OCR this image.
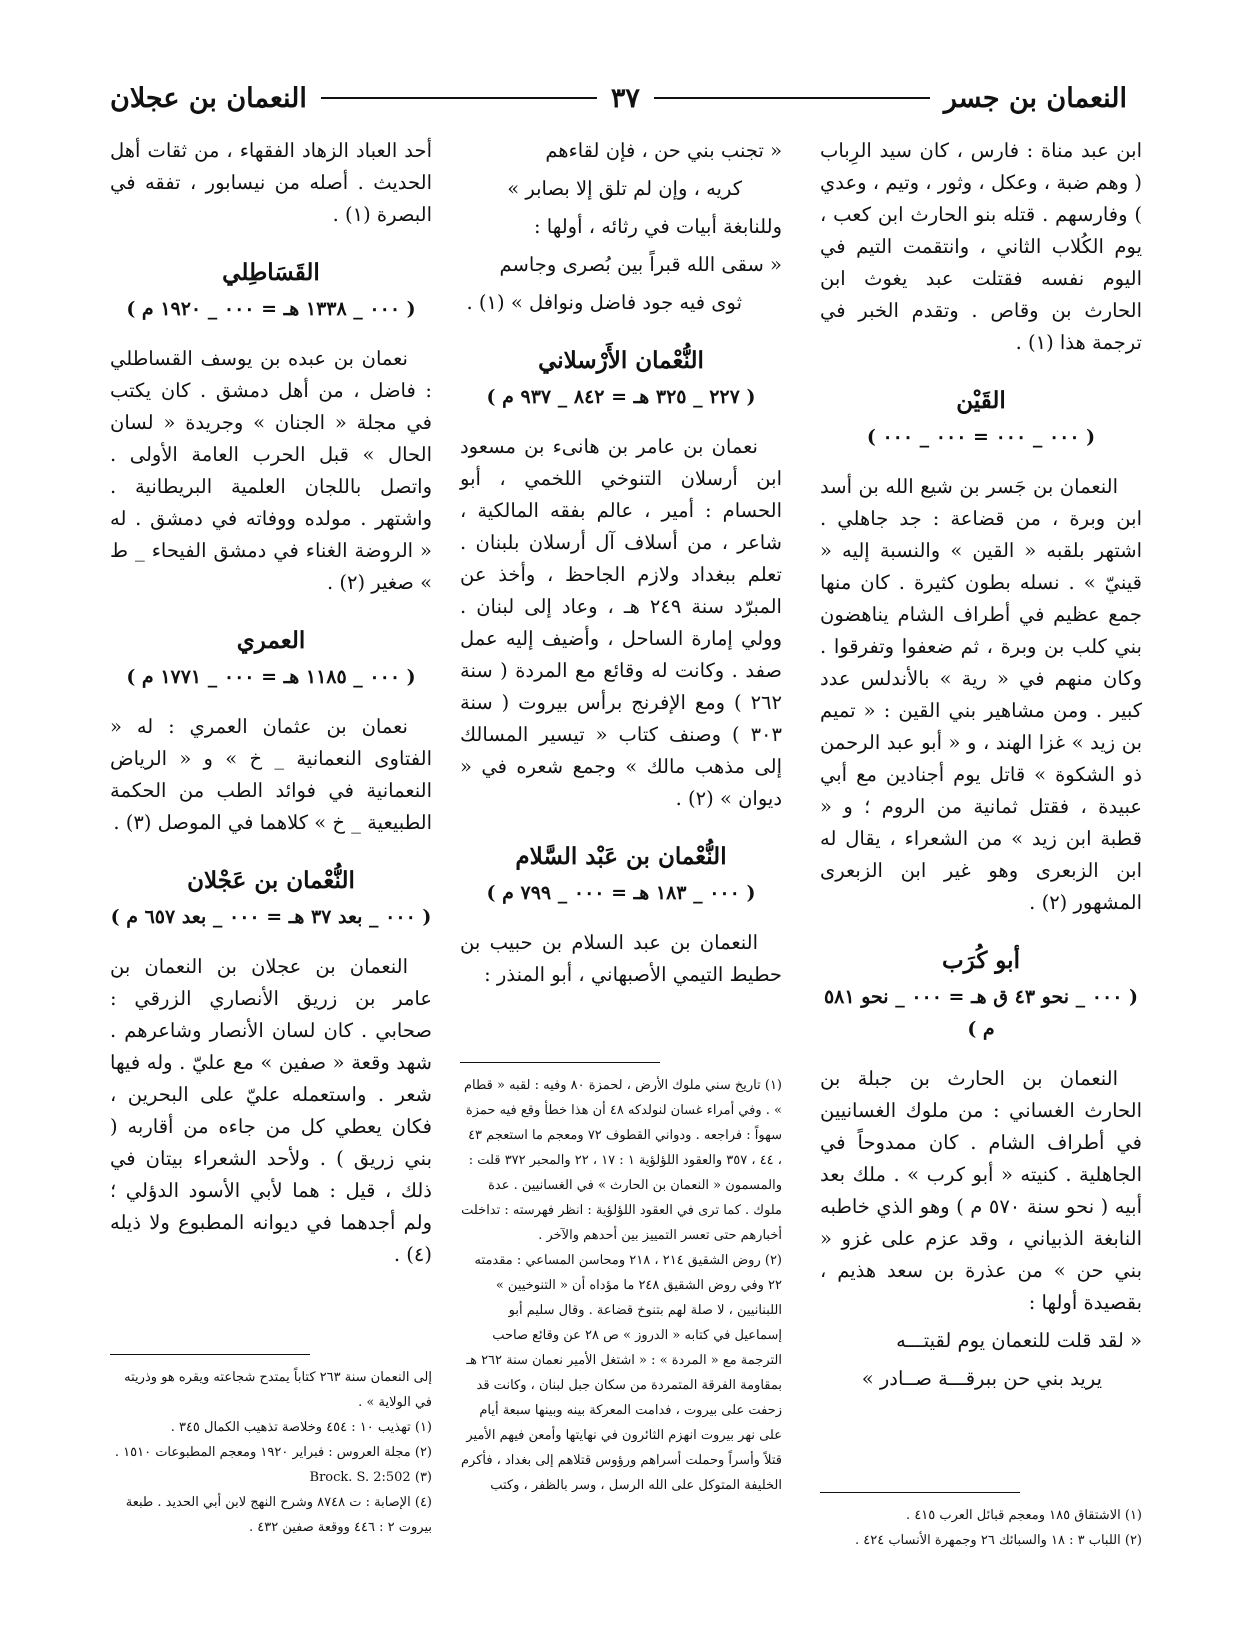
النعمان بن جسر
٣٧
النعمان بن عجلان

ابن عبد مناة : فارس ، كان سيد الرِباب ( وهم ضبة ، وعكل ، وثور ، وتيم ، وعدي ) وفارسهم . قتله بنو الحارث ابن كعب ، يوم الكُلاب الثاني ، وانتقمت التيم في اليوم نفسه فقتلت عبد يغوث ابن الحارث بن وقاص . وتقدم الخبر في ترجمة هذا (١) .

القَيْن
( ٠٠٠ _ ٠٠٠ = ٠٠٠ _ ٠٠٠ )

النعمان بن جَسر بن شيع الله بن أسد ابن وبرة ، من قضاعة : جد جاهلي . اشتهر بلقبه « القين » والنسبة إليه « قينيّ » . نسله بطون كثيرة . كان منها جمع عظيم في أطراف الشام يناهضون بني كلب بن وبرة ، ثم ضعفوا وتفرقوا . وكان منهم في « رية » بالأندلس عدد كبير . ومن مشاهير بني القين : « تميم بن زيد » غزا الهند ، و « أبو عبد الرحمن ذو الشكوة » قاتل يوم أجنادين مع أبي عبيدة ، فقتل ثمانية من الروم ؛ و « قطبة ابن زيد » من الشعراء ، يقال له ابن الزبعرى وهو غير ابن الزبعرى المشهور (٢) .

أبو كُرَب
( ٠٠٠ _ نحو ٤٣ ق هـ = ٠٠٠ _ نحو ٥٨١ م )

النعمان بن الحارث بن جبلة بن الحارث الغساني : من ملوك الغسانيين في أطراف الشام . كان ممدوحاً في الجاهلية . كنيته « أبو كرب » . ملك بعد أبيه ( نحو سنة ٥٧٠ م ) وهو الذي خاطبه النابغة الذبياني ، وقد عزم على غزو « بني حن » من عذرة بن سعد هذيم ، بقصيدة أولها :

« لقد قلت للنعمان يوم لقيتـــه

يريد بني حن ببرقـــة صــادر »

(١) الاشتقاق ١٨٥ ومعجم قبائل العرب ٤١٥ .

(٢) اللباب ٣ : ١٨ والسبائك ٢٦ وجمهرة الأنساب ٤٢٤ .

« تجنب بني حن ، فإن لقاءهم

كريه ، وإن لم تلق إلا بصابر »

وللنابغة أبيات في رثائه ، أولها :

« سقى الله قبراً بين بُصرى وجاسم

ثوى فيه جود فاضل ونوافل » (١) .

النُّعْمان الأَرْسلاني
( ٢٢٧ _ ٣٢٥ هـ = ٨٤٢ _ ٩٣٧ م )

نعمان بن عامر بن هانىء بن مسعود ابن أرسلان التنوخي اللخمي ، أبو الحسام : أمير ، عالم بفقه المالكية ، شاعر ، من أسلاف آل أرسلان بلبنان . تعلم ببغداد ولازم الجاحظ ، وأخذ عن المبرّد سنة ٢٤٩ هـ ، وعاد إلى لبنان . وولي إمارة الساحل ، وأضيف إليه عمل صفد . وكانت له وقائع مع المردة ( سنة ٢٦٢ ) ومع الإفرنج برأس بيروت ( سنة ٣٠٣ ) وصنف كتاب « تيسير المسالك إلى مذهب مالك » وجمع شعره في « ديوان » (٢) .

النُّعْمان بن عَبْد السَّلام
( ٠٠٠ _ ١٨٣ هـ = ٠٠٠ _ ٧٩٩ م )

النعمان بن عبد السلام بن حبيب بن حطيط التيمي الأصبهاني ، أبو المنذر :

(١) تاريخ سني ملوك الأرض ، لحمزة ٨٠ وفيه : لقبه « قطام » . وفي أمراء غسان لنولدكه ٤٨ أن هذا خطأ وقع فيه حمزة سهواً : فراجعه . ودواني القطوف ٧٢ ومعجم ما استعجم ٤٣ ، ٤٤ ، ٣٥٧ والعقود اللؤلؤية ١ : ١٧ ، ٢٢ والمحبر ٣٧٢ قلت : والمسمون « النعمان بن الحارث » في الغسانيين . عدة ملوك . كما ترى في العقود اللؤلؤية : انظر فهرسته : تداخلت أخبارهم حتى تعسر التمييز بين أحدهم والآخر .

(٢) روض الشقيق ٢١٤ ، ٢١٨ ومحاسن المساعي : مقدمته ٢٢ وفي روض الشقيق ٢٤٨ ما مؤداه أن « التنوخيين » اللبنانيين ، لا صلة لهم بتنوخ قضاعة . وقال سليم أبو إسماعيل في كتابه « الدروز » ص ٢٨ عن وقائع صاحب الترجمة مع « المردة » : « اشتغل الأمير نعمان سنة ٢٦٢ هـ بمقاومة الفرقة المتمردة من سكان جبل لبنان ، وكانت قد زحفت على بيروت ، فدامت المعركة بينه وبينها سبعة أيام على نهر بيروت انهزم الثائرون في نهايتها وأمعن فيهم الأمير قتلاً وأسراً وحملت أسراهم ورؤوس قتلاهم إلى بغداد ، فأكرم الخليفة المتوكل على الله الرسل ، وسر بالظفر ، وكتب

أحد العباد الزهاد الفقهاء ، من ثقات أهل الحديث . أصله من نيسابور ، تفقه في البصرة (١) .

القَسَاطِلي
( ٠٠٠ _ ١٣٣٨ هـ = ٠٠٠ _ ١٩٢٠ م )

نعمان بن عبده بن يوسف القساطلي : فاضل ، من أهل دمشق . كان يكتب في مجلة « الجنان » وجريدة « لسان الحال » قبل الحرب العامة الأولى . واتصل باللجان العلمية البريطانية . واشتهر . مولده ووفاته في دمشق . له « الروضة الغناء في دمشق الفيحاء _ ط » صغير (٢) .

العمري
( ٠٠٠ _ ١١٨٥ هـ = ٠٠٠ _ ١٧٧١ م )

نعمان بن عثمان العمري : له « الفتاوى النعمانية _ خ » و « الرياض النعمانية في فوائد الطب من الحكمة الطبيعية _ خ » كلاهما في الموصل (٣) .

النُّعْمان بن عَجْلان
( ٠٠٠ _ بعد ٣٧ هـ = ٠٠٠ _ بعد ٦٥٧ م )

النعمان بن عجلان بن النعمان بن عامر بن زريق الأنصاري الزرقي : صحابي . كان لسان الأنصار وشاعرهم . شهد وقعة « صفين » مع عليّ . وله فيها شعر . واستعمله عليّ على البحرين ، فكان يعطي كل من جاءه من أقاربه ( بني زريق ) . ولأحد الشعراء بيتان في ذلك ، قيل : هما لأبي الأسود الدؤلي ؛ ولم أجدهما في ديوانه المطبوع ولا ذيله (٤) .

إلى النعمان سنة ٢٦٣ كتاباً يمتدح شجاعته ويقره هو وذريته في الولاية » .

(١) تهذيب ١٠ : ٤٥٤ وخلاصة تذهيب الكمال ٣٤٥ .

(٢) مجلة العروس : فبراير ١٩٢٠ ومعجم المطبوعات ١٥١٠ .

(٣) Brock. S. 2:502

(٤) الإصابة : ت ٨٧٤٨ وشرح النهج لابن أبي الحديد . طبعة بيروت ٢ : ٤٤٦ ووقعة صفين ٤٣٢ .
